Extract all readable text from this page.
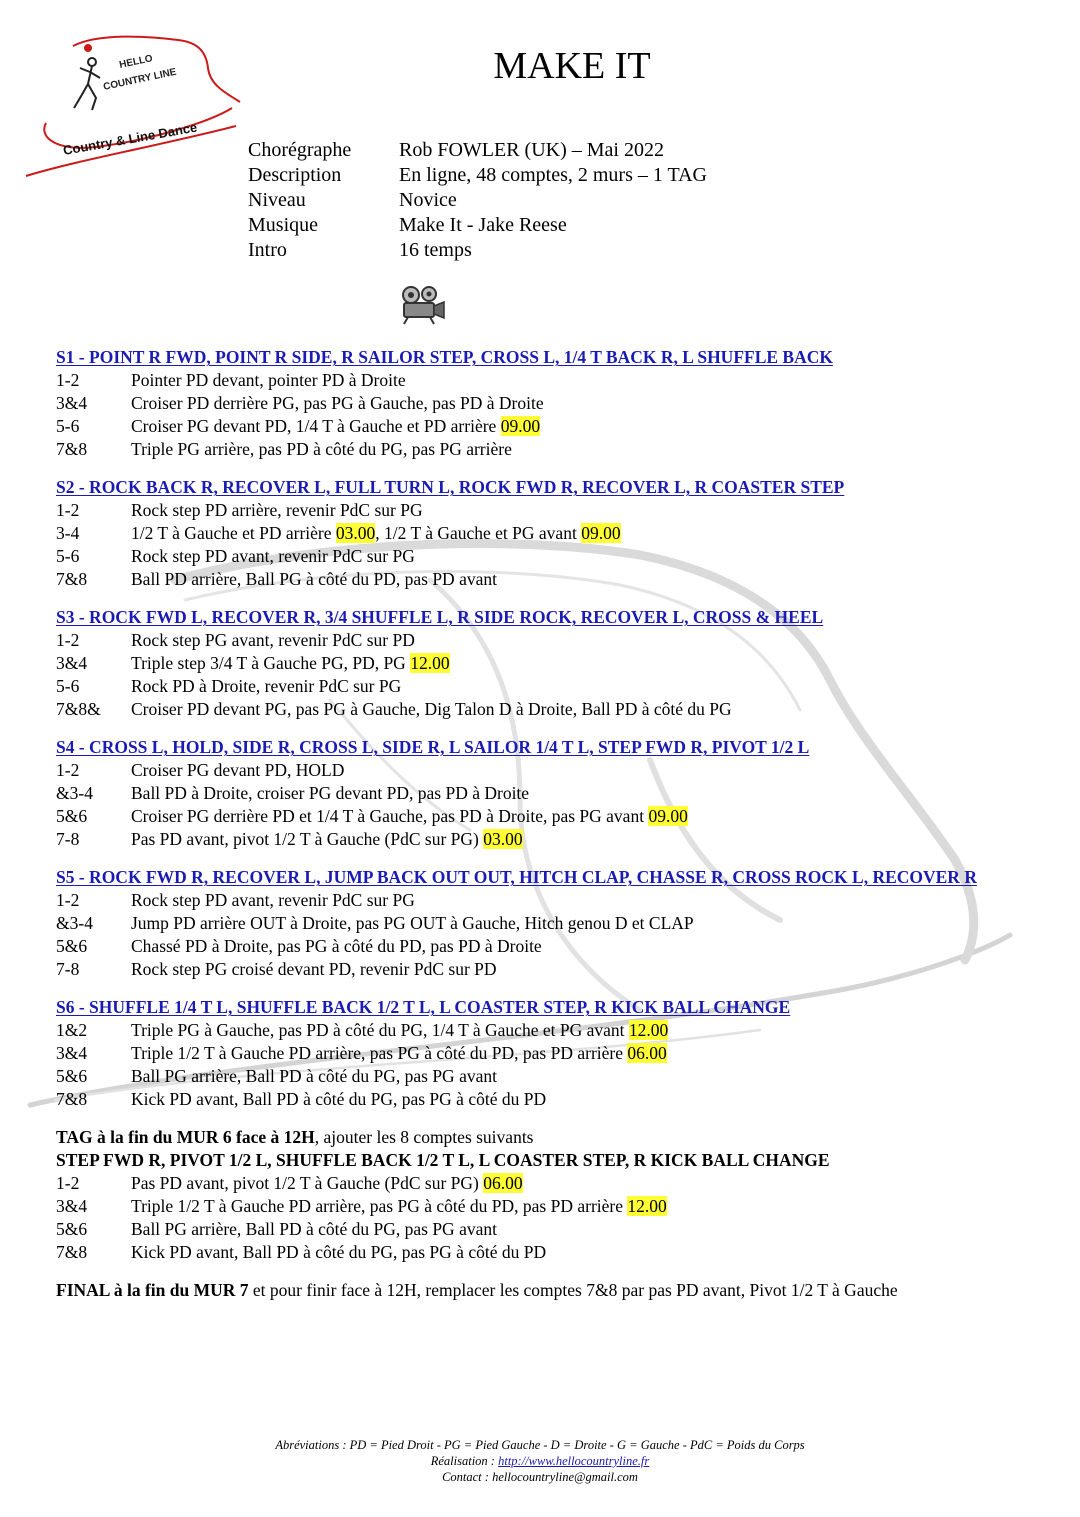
HELLO
COUNTRY LINE
Country & Line Dance
MAKE IT
Chorégraphe	Rob FOWLER (UK) – Mai 2022
Description	En ligne, 48 comptes, 2 murs – 1 TAG
Niveau	Novice
Musique	Make It - Jake Reese
Intro	16 temps
S1 - POINT R FWD, POINT R SIDE, R SAILOR STEP, CROSS L, 1/4 T BACK R, L SHUFFLE BACK
1-2	Pointer PD devant, pointer PD à Droite
3&4	Croiser PD derrière PG, pas PG à Gauche, pas PD à Droite
5-6	Croiser PG devant PD, 1/4 T à Gauche et PD arrière 09.00
7&8	Triple PG arrière, pas PD à côté du PG, pas PG arrière
S2 - ROCK BACK R, RECOVER L, FULL TURN L, ROCK FWD R, RECOVER L, R COASTER STEP
1-2	Rock step PD arrière, revenir PdC sur PG
3-4	1/2 T à Gauche et PD arrière 03.00, 1/2 T à Gauche et PG avant 09.00
5-6	Rock step PD avant, revenir PdC sur PG
7&8	Ball PD arrière, Ball PG à côté du PD, pas PD avant
S3 - ROCK FWD L, RECOVER R, 3/4 SHUFFLE L, R SIDE ROCK, RECOVER L, CROSS & HEEL
1-2	Rock step PG avant, revenir PdC sur PD
3&4	Triple step 3/4 T à Gauche PG, PD, PG 12.00
5-6	Rock PD à Droite, revenir PdC sur PG
7&8&	Croiser PD devant PG, pas PG à Gauche, Dig Talon D à Droite, Ball PD à côté du PG
S4 - CROSS L, HOLD, SIDE R, CROSS L, SIDE R, L SAILOR 1/4 T L, STEP FWD R, PIVOT 1/2 L
1-2	Croiser PG devant PD, HOLD
&3-4	Ball PD à Droite, croiser PG devant PD, pas PD à Droite
5&6	Croiser PG derrière PD et 1/4 T à Gauche, pas PD à Droite, pas PG avant 09.00
7-8	Pas PD avant, pivot 1/2 T à Gauche (PdC sur PG) 03.00
S5 - ROCK FWD R, RECOVER L, JUMP BACK OUT OUT, HITCH CLAP, CHASSE R, CROSS ROCK L, RECOVER R
1-2	Rock step PD avant, revenir PdC sur PG
&3-4	Jump PD arrière OUT à Droite, pas PG OUT à Gauche, Hitch genou D et CLAP
5&6	Chassé PD à Droite, pas PG à côté du PD, pas PD à Droite
7-8	Rock step PG croisé devant PD, revenir PdC sur PD
S6 - SHUFFLE 1/4 T L, SHUFFLE BACK 1/2 T L, L COASTER STEP, R KICK BALL CHANGE
1&2	Triple PG à Gauche, pas PD à côté du PG, 1/4 T à Gauche et PG avant 12.00
3&4	Triple 1/2 T à Gauche PD arrière, pas PG à côté du PD, pas PD arrière 06.00
5&6	Ball PG arrière, Ball PD à côté du PG, pas PG avant
7&8	Kick PD avant, Ball PD à côté du PG, pas PG à côté du PD
TAG à la fin du MUR 6 face à 12H, ajouter les 8 comptes suivants
STEP FWD R, PIVOT 1/2 L, SHUFFLE BACK 1/2 T L, L COASTER STEP, R KICK BALL CHANGE
1-2	Pas PD avant, pivot 1/2 T à Gauche (PdC sur PG) 06.00
3&4	Triple 1/2 T à Gauche PD arrière, pas PG à côté du PD, pas PD arrière 12.00
5&6	Ball PG arrière, Ball PD à côté du PG, pas PG avant
7&8	Kick PD avant, Ball PD à côté du PG, pas PG à côté du PD
FINAL à la fin du MUR 7 et pour finir face à 12H, remplacer les comptes 7&8 par pas PD avant, Pivot 1/2 T à Gauche
Abréviations : PD = Pied Droit - PG = Pied Gauche - D = Droite - G = Gauche - PdC = Poids du Corps
Réalisation : http://www.hellocountryline.fr
Contact : hellocountryline@gmail.com
